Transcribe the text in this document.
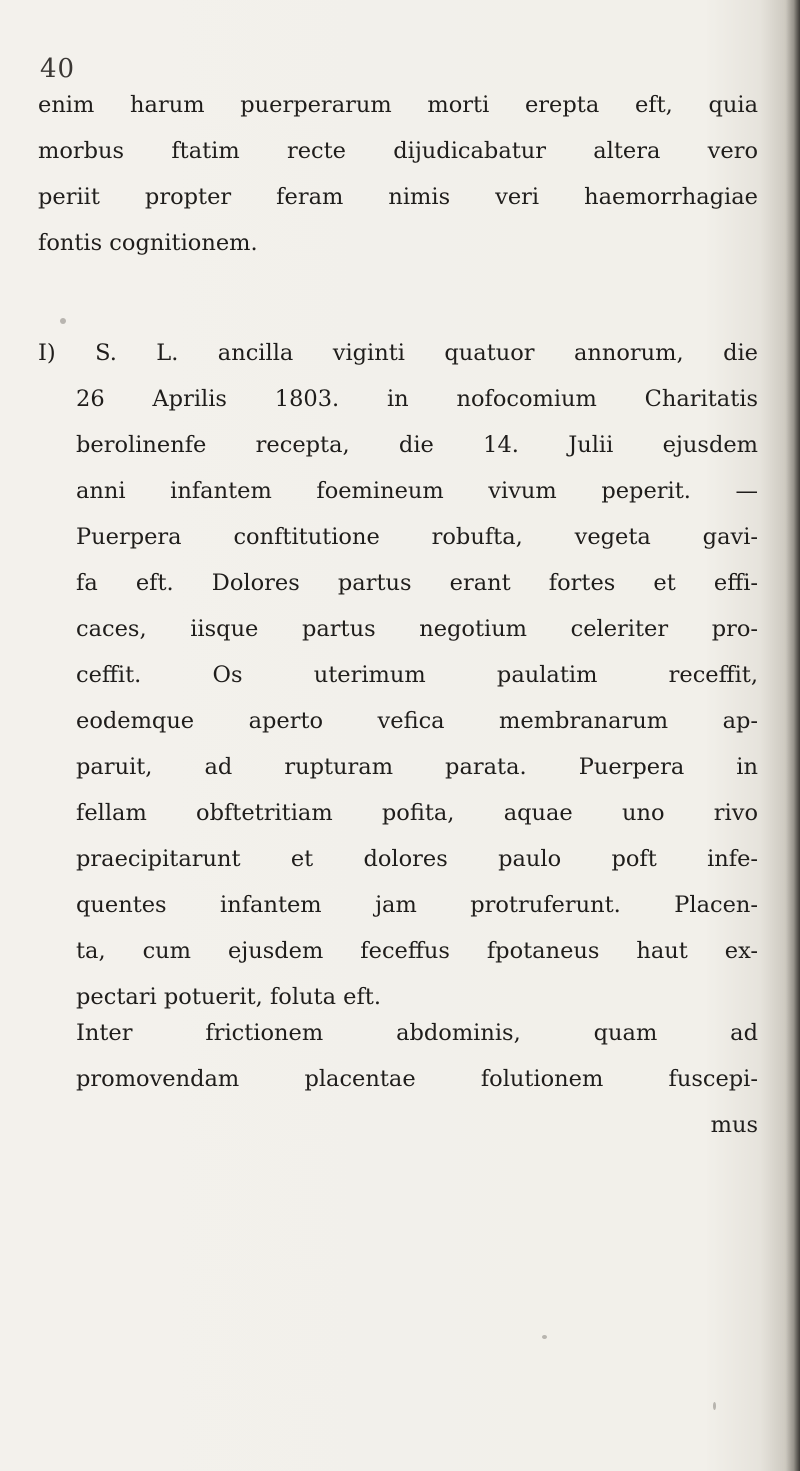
40

enim harum puerperarum morti erepta eft, quia
morbus ftatim recte dijudicabatur altera vero
periit propter feram nimis veri haemorrhagiae
fontis cognitionem.

I) S. L. ancilla viginti quatuor annorum, die
26 Aprilis 1803. in nofocomium Charitatis
berolinenfe recepta, die 14. Julii ejusdem
anni infantem foemineum vivum peperit. —
Puerpera conftitutione robufta, vegeta gavi-
fa eft. Dolores partus erant fortes et effi-
caces, iisque partus negotium celeriter pro-
ceffit. Os uterimum paulatim receffit,
eodemque aperto vefica membranarum ap-
paruit, ad rupturam parata. Puerpera in
fellam obftetritiam pofita, aquae uno rivo
praecipitarunt et dolores paulo poft infe-
quentes infantem jam protruferunt. Placen-
ta, cum ejusdem feceffus fpotaneus haut ex-
pectari potuerit, foluta eft.

Inter frictionem abdominis, quam ad
promovendam placentae folutionem fuscepi-
mus
